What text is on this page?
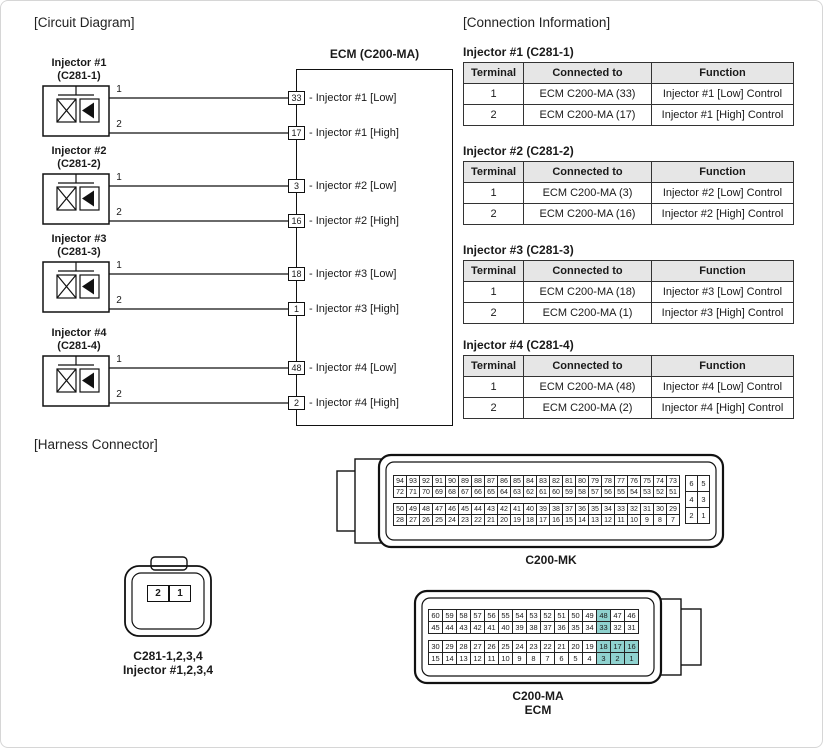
[Circuit Diagram]	[Connection Information]
[Harness Connector]
ECM (C200-MA)
Injector #1
(C281-1)
Injector #2
(C281-2)
Injector #3
(C281-3)
Injector #4
(C281-4)
1
2
1
2
1
2
1
2
33 - Injector #1 [Low]
17 - Injector #1 [High]
3 - Injector #2 [Low]
16 - Injector #2 [High]
18 - Injector #3 [Low]
1 - Injector #3 [High]
48 - Injector #4 [Low]
2 - Injector #4 [High]
Injector #1 (C281-1)
Terminal	Connected to	Function
1	ECM C200-MA (33)	Injector #1 [Low] Control
2	ECM C200-MA (17)	Injector #1 [High] Control
Injector #2 (C281-2)
Terminal	Connected to	Function
1	ECM C200-MA (3)	Injector #2 [Low] Control
2	ECM C200-MA (16)	Injector #2 [High] Control
Injector #3 (C281-3)
Terminal	Connected to	Function
1	ECM C200-MA (18)	Injector #3 [Low] Control
2	ECM C200-MA (1)	Injector #3 [High] Control
Injector #4 (C281-4)
Terminal	Connected to	Function
1	ECM C200-MA (48)	Injector #4 [Low] Control
2	ECM C200-MA (2)	Injector #4 [High] Control
2	1
C281-1,2,3,4
Injector #1,2,3,4
94 93 92 91 90 89 88 87 86 85 84 83 82 81 80 79 78 77 76 75 74 73
72 71 70 69 68 67 66 65 64 63 62 61 60 59 58 57 56 55 54 53 52 51
50 49 48 47 46 45 44 43 42 41 40 39 38 37 36 35 34 33 32 31 30 29
28 27 26 25 24 23 22 21 20 19 18 17 16 15 14 13 12 11 10	9	8	7
6	5
4	3
2	1
C200-MK
60 59 58 57 56 55 54 53 52 51 50 49 48 47 46
45 44 43 42 41 40 39 38 37 36 35 34 33 32 31
30 29 28 27 26 25 24 23 22 21 20 19 18 17 16
15 14 13 12 11 10	9	8	7	6	5	4	3	2	1
C200-MA
ECM
